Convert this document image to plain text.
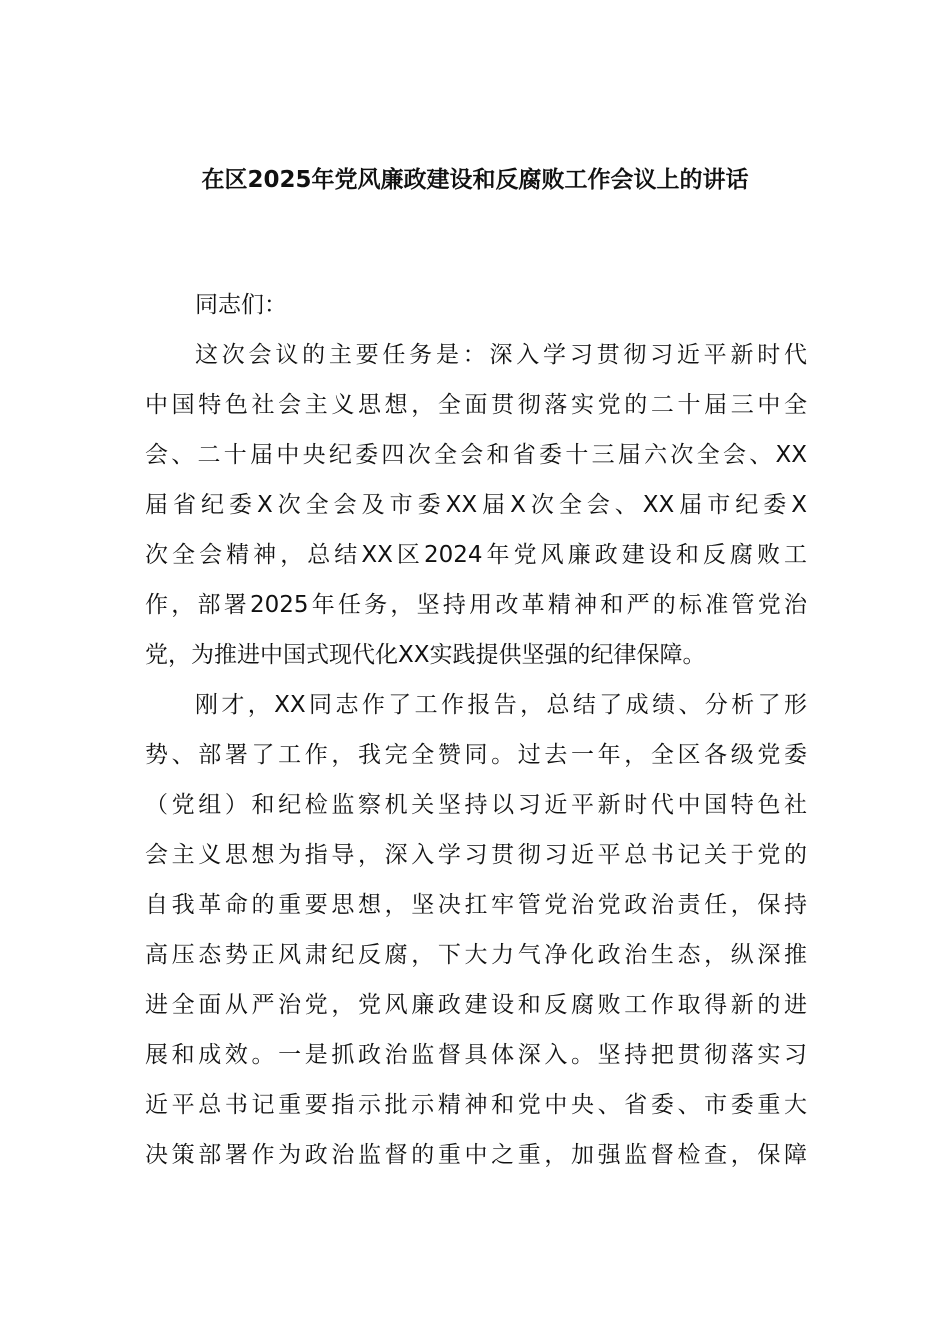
在区2025年党风廉政建设和反腐败工作会议上的讲话
同志们：
这次会议的主要任务是：深入学习贯彻习近平新时代
中国特色社会主义思想，全面贯彻落实党的二十届三中全
会、二十届中央纪委四次全会和省委十三届六次全会、XX
届省纪委X次全会及市委XX届X次全会、XX届市纪委X
次全会精神，总结XX区2024年党风廉政建设和反腐败工
作，部署2025年任务，坚持用改革精神和严的标准管党治
党，为推进中国式现代化XX实践提供坚强的纪律保障。
刚才，XX同志作了工作报告，总结了成绩、分析了形
势、部署了工作，我完全赞同。过去一年，全区各级党委
（党组）和纪检监察机关坚持以习近平新时代中国特色社
会主义思想为指导，深入学习贯彻习近平总书记关于党的
自我革命的重要思想，坚决扛牢管党治党政治责任，保持
高压态势正风肃纪反腐，下大力气净化政治生态，纵深推
进全面从严治党，党风廉政建设和反腐败工作取得新的进
展和成效。一是抓政治监督具体深入。坚持把贯彻落实习
近平总书记重要指示批示精神和党中央、省委、市委重大
决策部署作为政治监督的重中之重，加强监督检查，保障
